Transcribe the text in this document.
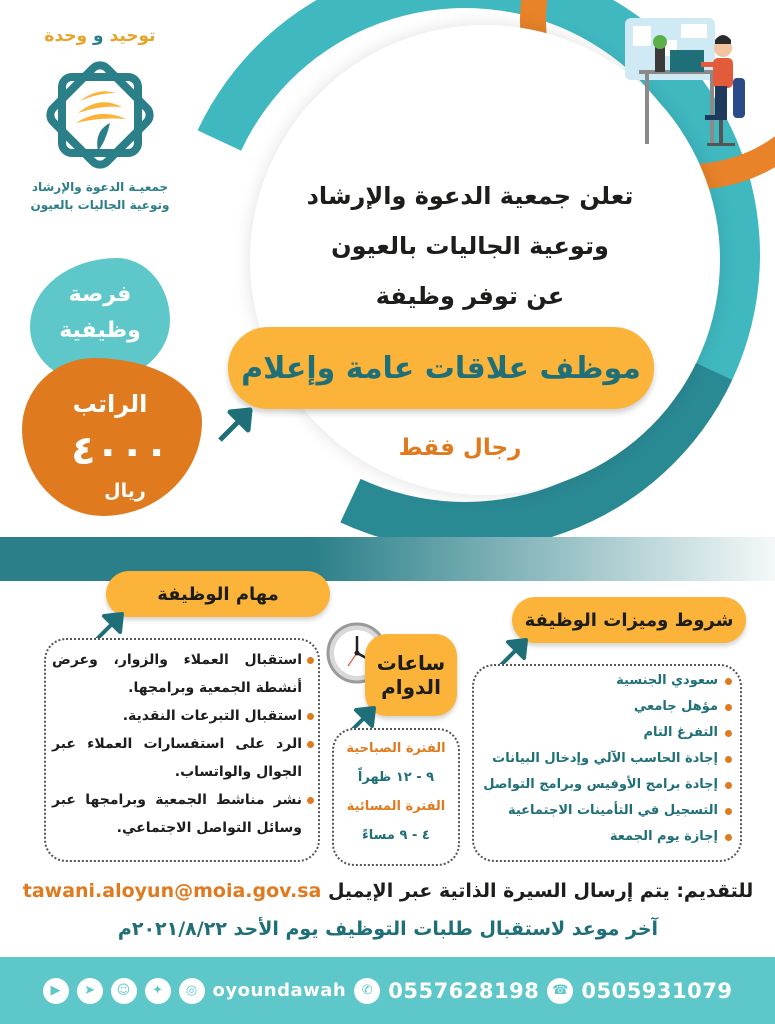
توحيد و وحدة
جمعيـة الدعوة والإرشاد
وتوعية الجاليات بالعيون
فرصة
وظيفية
الراتب
٤٠٠٠
ريال
تعلن جمعية الدعوة والإرشاد
وتوعية الجاليات بالعيون
عن توفر وظيفة
موظف علاقات عامة وإعلام
رجال فقط
مهام الوظيفة
استقبال العملاء والزوار، وعرض أنشطة الجمعية وبرامجها.
استقبال التبرعات النقدية.
الرد على استفسارات العملاء عبر الجوال والواتساب.
نشر مناشط الجمعية وبرامجها عبر وسائل التواصل الاجتماعي.
ساعات
الدوام
الفترة الصباحية
٩ - ١٢ ظهراً
الفترة المسائية
٤ - ٩ مساءً
شروط وميزات الوظيفة
سعودي الجنسية
مؤهل جامعي
التفرغ التام
إجادة الحاسب الآلي وإدخال البيانات
إجادة برامج الأوفيس وبرامج التواصل
التسجيل في التأمينات الاجتماعية
إجازة يوم الجمعة
للتقديم: يتم إرسال السيرة الذاتية عبر الإيميل tawani.aloyun@moia.gov.sa
آخر موعد لاستقبال طلبات التوظيف يوم الأحد ٢٠٢١/٨/٢٢م
▶	➤	☺	✦	◎ oyoundawah	✆ 0557628198 ☎ 0505931079
